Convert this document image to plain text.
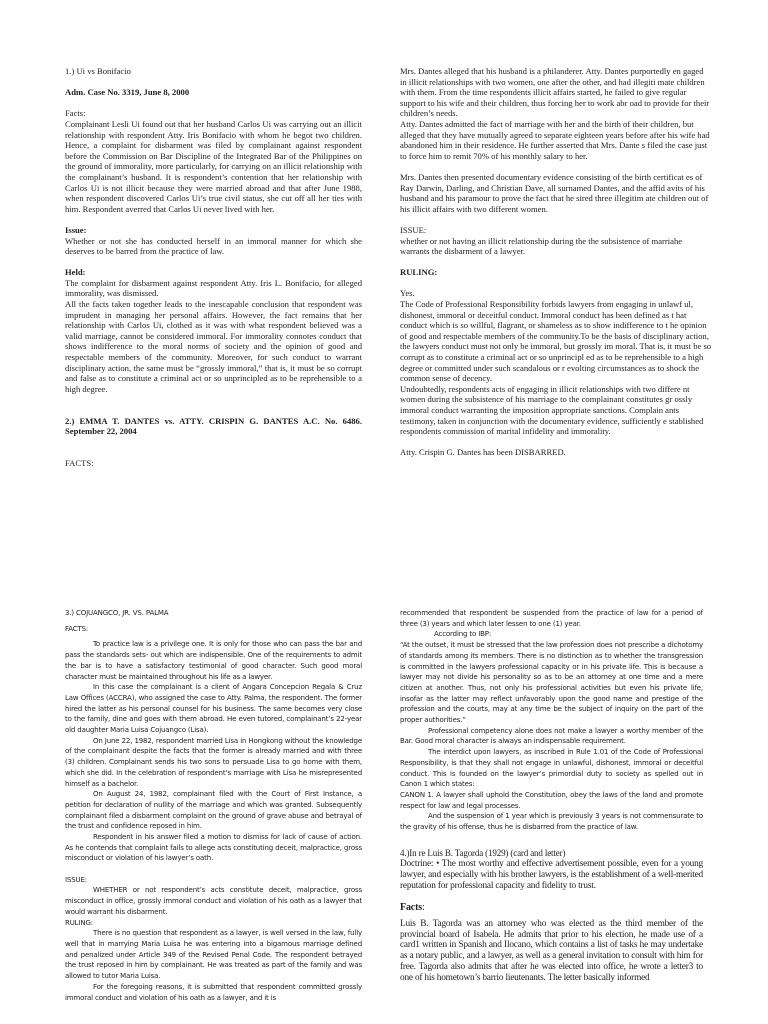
1.) Ui vs Bonifacio

Adm. Case No. 3319, June 8, 2000

Facts:

Complainant Lesli Ui found out that her husband Carlos Ui was carrying out an illicit relationship with respondent Atty. Iris Bonifacio with whom he begot two children. Hence, a complaint for disbarment was filed by complainant against respondent before the Commission on Bar Discipline of the Integrated Bar of the Philippines on the ground of immorality, more particularly, for carrying on an illicit relationship with the complainant’s husband. It is respondent’s contention that her relationship with Carlos Ui is not illicit because they were married abroad and that after June 1988, when respondent discovered Carlos Ui’s true civil status, she cut off all her ties with him. Respondent averred that Carlos Ui never lived with her.

Issue:

Whether or not she has conducted herself in an immoral manner for which she deserves to be barred from the practice of law.

Held:

The complaint for disbarment against respondent Atty. Iris L. Bonifacio, for alleged immorality, was dismissed.

All the facts taken together leads to the inescapable conclusion that respondent was imprudent in managing her personal affairs. However, the fact remains that her relationship with Carlos Ui, clothed as it was with what respondent believed was a valid marriage, cannot be considered immoral. For immorality connotes conduct that shows indifference to the moral norms of society and the opinion of good and respectable members of the community. Moreover, for such conduct to warrant disciplinary action, the same must be “grossly immoral,” that is, it must be so corrupt and false as to constitute a criminal act or so unprincipled as to be reprehensible to a high degree.

2.) EMMA T. DANTES vs. ATTY. CRISPIN G. DANTES A.C. No. 6486. September 22, 2004

FACTS:

Mrs. Dantes alleged that his husband is a philanderer. Atty. Dantes purportedly en gaged in illicit relationships with two women, one after the other, and had illegiti mate children with them. From the time respondents illicit affairs started, he failed to give regular support to his wife and their children, thus forcing her to work abr oad to provide for their children’s needs.

Atty. Dantes admitted the fact of marriage with her and the birth of their children, but alleged that they have mutually agreed to separate eighteen years before after his wife had abandoned him in their residence. He further asserted that Mrs. Dante s filed the case just to force him to remit 70% of his monthly salary to her.

Mrs. Dantes then presented documentary evidence consisting of the birth certificat es of Ray Darwin, Darling, and Christian Dave, all surnamed Dantes, and the affid avits of his husband and his paramour to prove the fact that he sired three illegitim ate children out of his illicit affairs with two different women.

ISSUE:

whether or not having an illicit relationship during the the subsistence of marriahe warrants the disbarment of a lawyer.

RULING:

Yes.

The Code of Professional Responsibility forbids lawyers from engaging in unlawf ul, dishonest, immoral or deceitful conduct. Immoral conduct has been defined as t hat conduct which is so willful, flagrant, or shameless as to show indifference to t he opinion of good and respectable members of the community.To be the basis of disciplinary action, the lawyers conduct must not only be immoral, but grossly im moral. That is, it must be so corrupt as to constitute a criminal act or so unprincipl ed as to be reprehensible to a high degree or committed under such scandalous or r evolting circumstances as to shock the common sense of decency.

Undoubtedly, respondents acts of engaging in illicit relationships with two differe nt women during the subsistence of his marriage to the complainant constitutes gr ossly immoral conduct warranting the imposition appropriate sanctions. Complain ants testimony, taken in conjunction with the documentary evidence, sufficiently e stablished respondents commission of marital infidelity and immorality.

Atty. Crispin G. Dantes has been DISBARRED.

3.) COJUANGCO, JR. VS. PALMA

FACTS:

To practice law is a privilege one. It is only for those who can pass the bar and pass the standards sets- out which are indispensible. One of the requirements to admit the bar is to have a satisfactory testimonial of good character. Such good moral character must be maintained throughout his life as a lawyer.

In this case the complainant is a client of Angara Concepcion Regala & Cruz Law Offices (ACCRA), who assigned the case to Atty. Palma, the respondent. The former hired the latter as his personal counsel for his business. The same becomes very close to the family, dine and goes with them abroad. He even tutored, complainant’s 22-year old daughter Maria Luisa Cojuangco (Lisa).

On June 22, 1982, respondent married Lisa in Hongkong without the knowledge of the complainant despite the facts that the former is already married and with three (3) children. Complainant sends his two sons to persuade Lisa to go home with them, which she did. In the celebration of respondent’s marriage with Lisa he misrepresented himself as a bachelor.

On August 24, 1982, complainant filed with the Court of First Instance, a petition for declaration of nullity of the marriage and which was granted. Subsequently complainant filed a disbarment complaint on the ground of grave abuse and betrayal of the trust and confidence reposed in him.

Respondent in his answer filed a motion to dismiss for lack of cause of action. As he contends that complaint fails to allege acts constituting deceit, malpractice, gross misconduct or violation of his lawyer’s oath.

ISSUE:

WHETHER or not respondent’s acts constitute deceit, malpractice, gross misconduct in office, grossly immoral conduct and violation of his oath as a lawyer that would warrant his disbarment.

RULING:

There is no question that respondent as a lawyer, is well versed in the law, fully well that in marrying Maria Luisa he was entering into a bigamous marriage defined and penalized under Article 349 of the Revised Penal Code. The respondent betrayed the trust reposed in him by complainant. He was treated as part of the family and was allowed to tutor Maria Luisa.

For the foregoing reasons, it is submitted that respondent committed grossly immoral conduct and violation of his oath as a lawyer, and it is

recommended that respondent be suspended from the practice of law for a period of three (3) years and which later lessen to one (1) year.

According to IBP:

“At the outset, it must be stressed that the law profession does not prescribe a dichotomy of standards among its members. There is no distinction as to whether the transgression is committed in the lawyers professional capacity or in his private life. This is because a lawyer may not divide his personality so as to be an attorney at one time and a mere citizen at another. Thus, not only his professional activities but even his private life, insofar as the latter may reflect unfavorably upon the good name and prestige of the profession and the courts, may at any time be the subject of inquiry on the part of the proper authorities.”

Professional competency alone does not make a lawyer a worthy member of the Bar. Good moral character is always an indispensable requirement.

The interdict upon lawyers, as inscribed in Rule 1.01 of the Code of Professional Responsibility, is that they shall not engage in unlawful, dishonest, immoral or deceitful conduct. This is founded on the lawyer’s primordial duty to society as spelled out in Canon 1 which states:

CANON 1. A lawyer shall uphold the Constitution, obey the laws of the land and promote respect for law and legal processes.

And the suspension of 1 year which is previously 3 years is not commensurate to the gravity of his offense, thus he is disbarred from the practice of law.

4.)In re Luis B. Tagorda (1929) (card and letter)

Doctrine: • The most worthy and effective advertisement possible, even for a young lawyer, and especially with his brother lawyers, is the establishment of a well-merited reputation for professional capacity and fidelity to trust.

Facts:

Luis B. Tagorda was an attorney who was elected as the third member of the provincial board of Isabela. He admits that prior to his election, he made use of a card1 written in Spanish and Ilocano, which contains a list of tasks he may undertake as a notary public, and a lawyer, as well as a general invitation to consult with him for free. Tagorda also admits that after he was elected into office, he wrote a letter3 to one of his hometown’s barrio lieutenants. The letter basically informed
